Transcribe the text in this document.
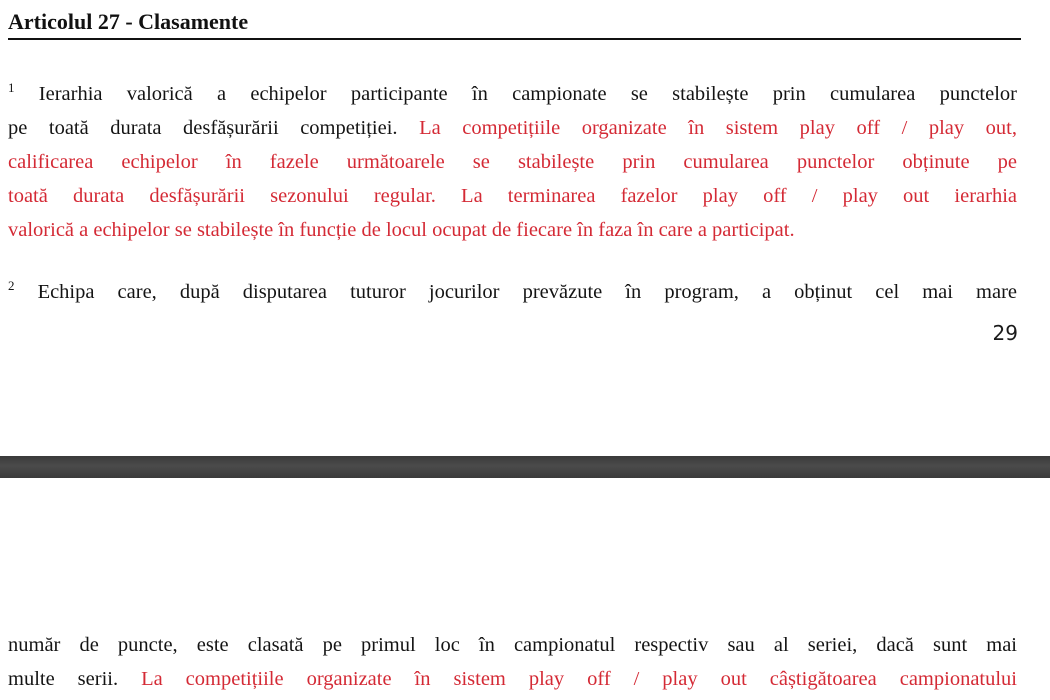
Articolul 27 - Clasamente
$^1$ Ierarhia valorică a echipelor participante în campionate se stabilește prin cumularea punctelor
pe toată durata desfășurării competiției. La competițiile organizate în sistem play off / play out,
calificarea echipelor în fazele următoarele se stabilește prin cumularea punctelor obținute pe
toată durata desfășurării sezonului regular. La terminarea fazelor play off / play out ierarhia
valorică a echipelor se stabilește în funcție de locul ocupat de fiecare în faza în care a participat.
$^2$ Echipa care, după disputarea tuturor jocurilor prevăzute în program, a obținut cel mai mare
29
număr de puncte, este clasată pe primul loc în campionatul respectiv sau al seriei, dacă sunt mai
multe serii. La competițiile organizate în sistem play off / play out câștigătoarea campionatului
